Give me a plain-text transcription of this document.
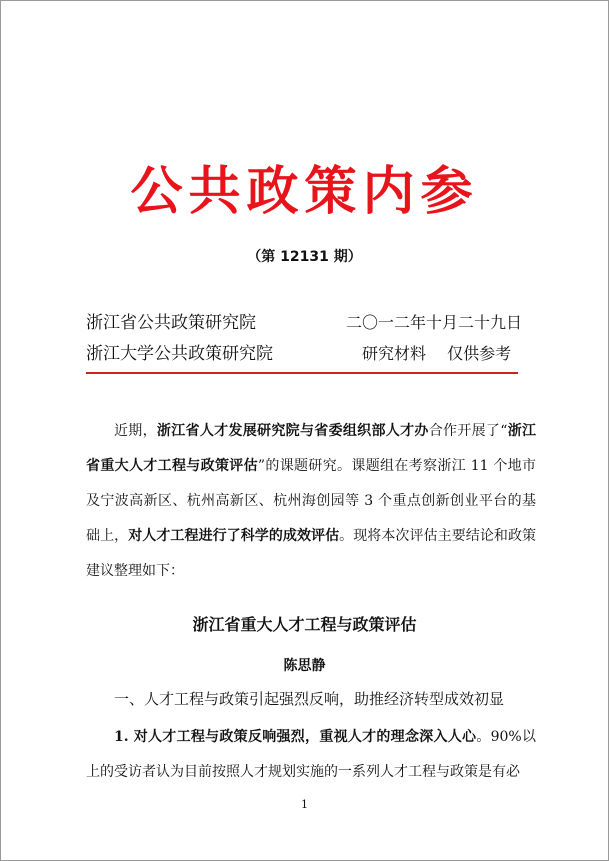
公共政策内参
（第 12131 期）
浙江省公共政策研究院
浙江大学公共政策研究院
二〇一二年十月二十九日
研究材料　 仅供参考

近期，浙江省人才发展研究院与省委组织部人才办合作开展了“浙江省重大人才工程与政策评估”的课题研究。课题组在考察浙江 11 个地市及宁波高新区、杭州高新区、杭州海创园等 3 个重点创新创业平台的基础上，对人才工程进行了科学的成效评估。现将本次评估主要结论和政策建议整理如下：

浙江省重大人才工程与政策评估
陈思静
一、人才工程与政策引起强烈反响，助推经济转型成效初显

1. 对人才工程与政策反响强烈，重视人才的理念深入人心。90%以上的受访者认为目前按照人才规划实施的一系列人才工程与政策是有必

1
